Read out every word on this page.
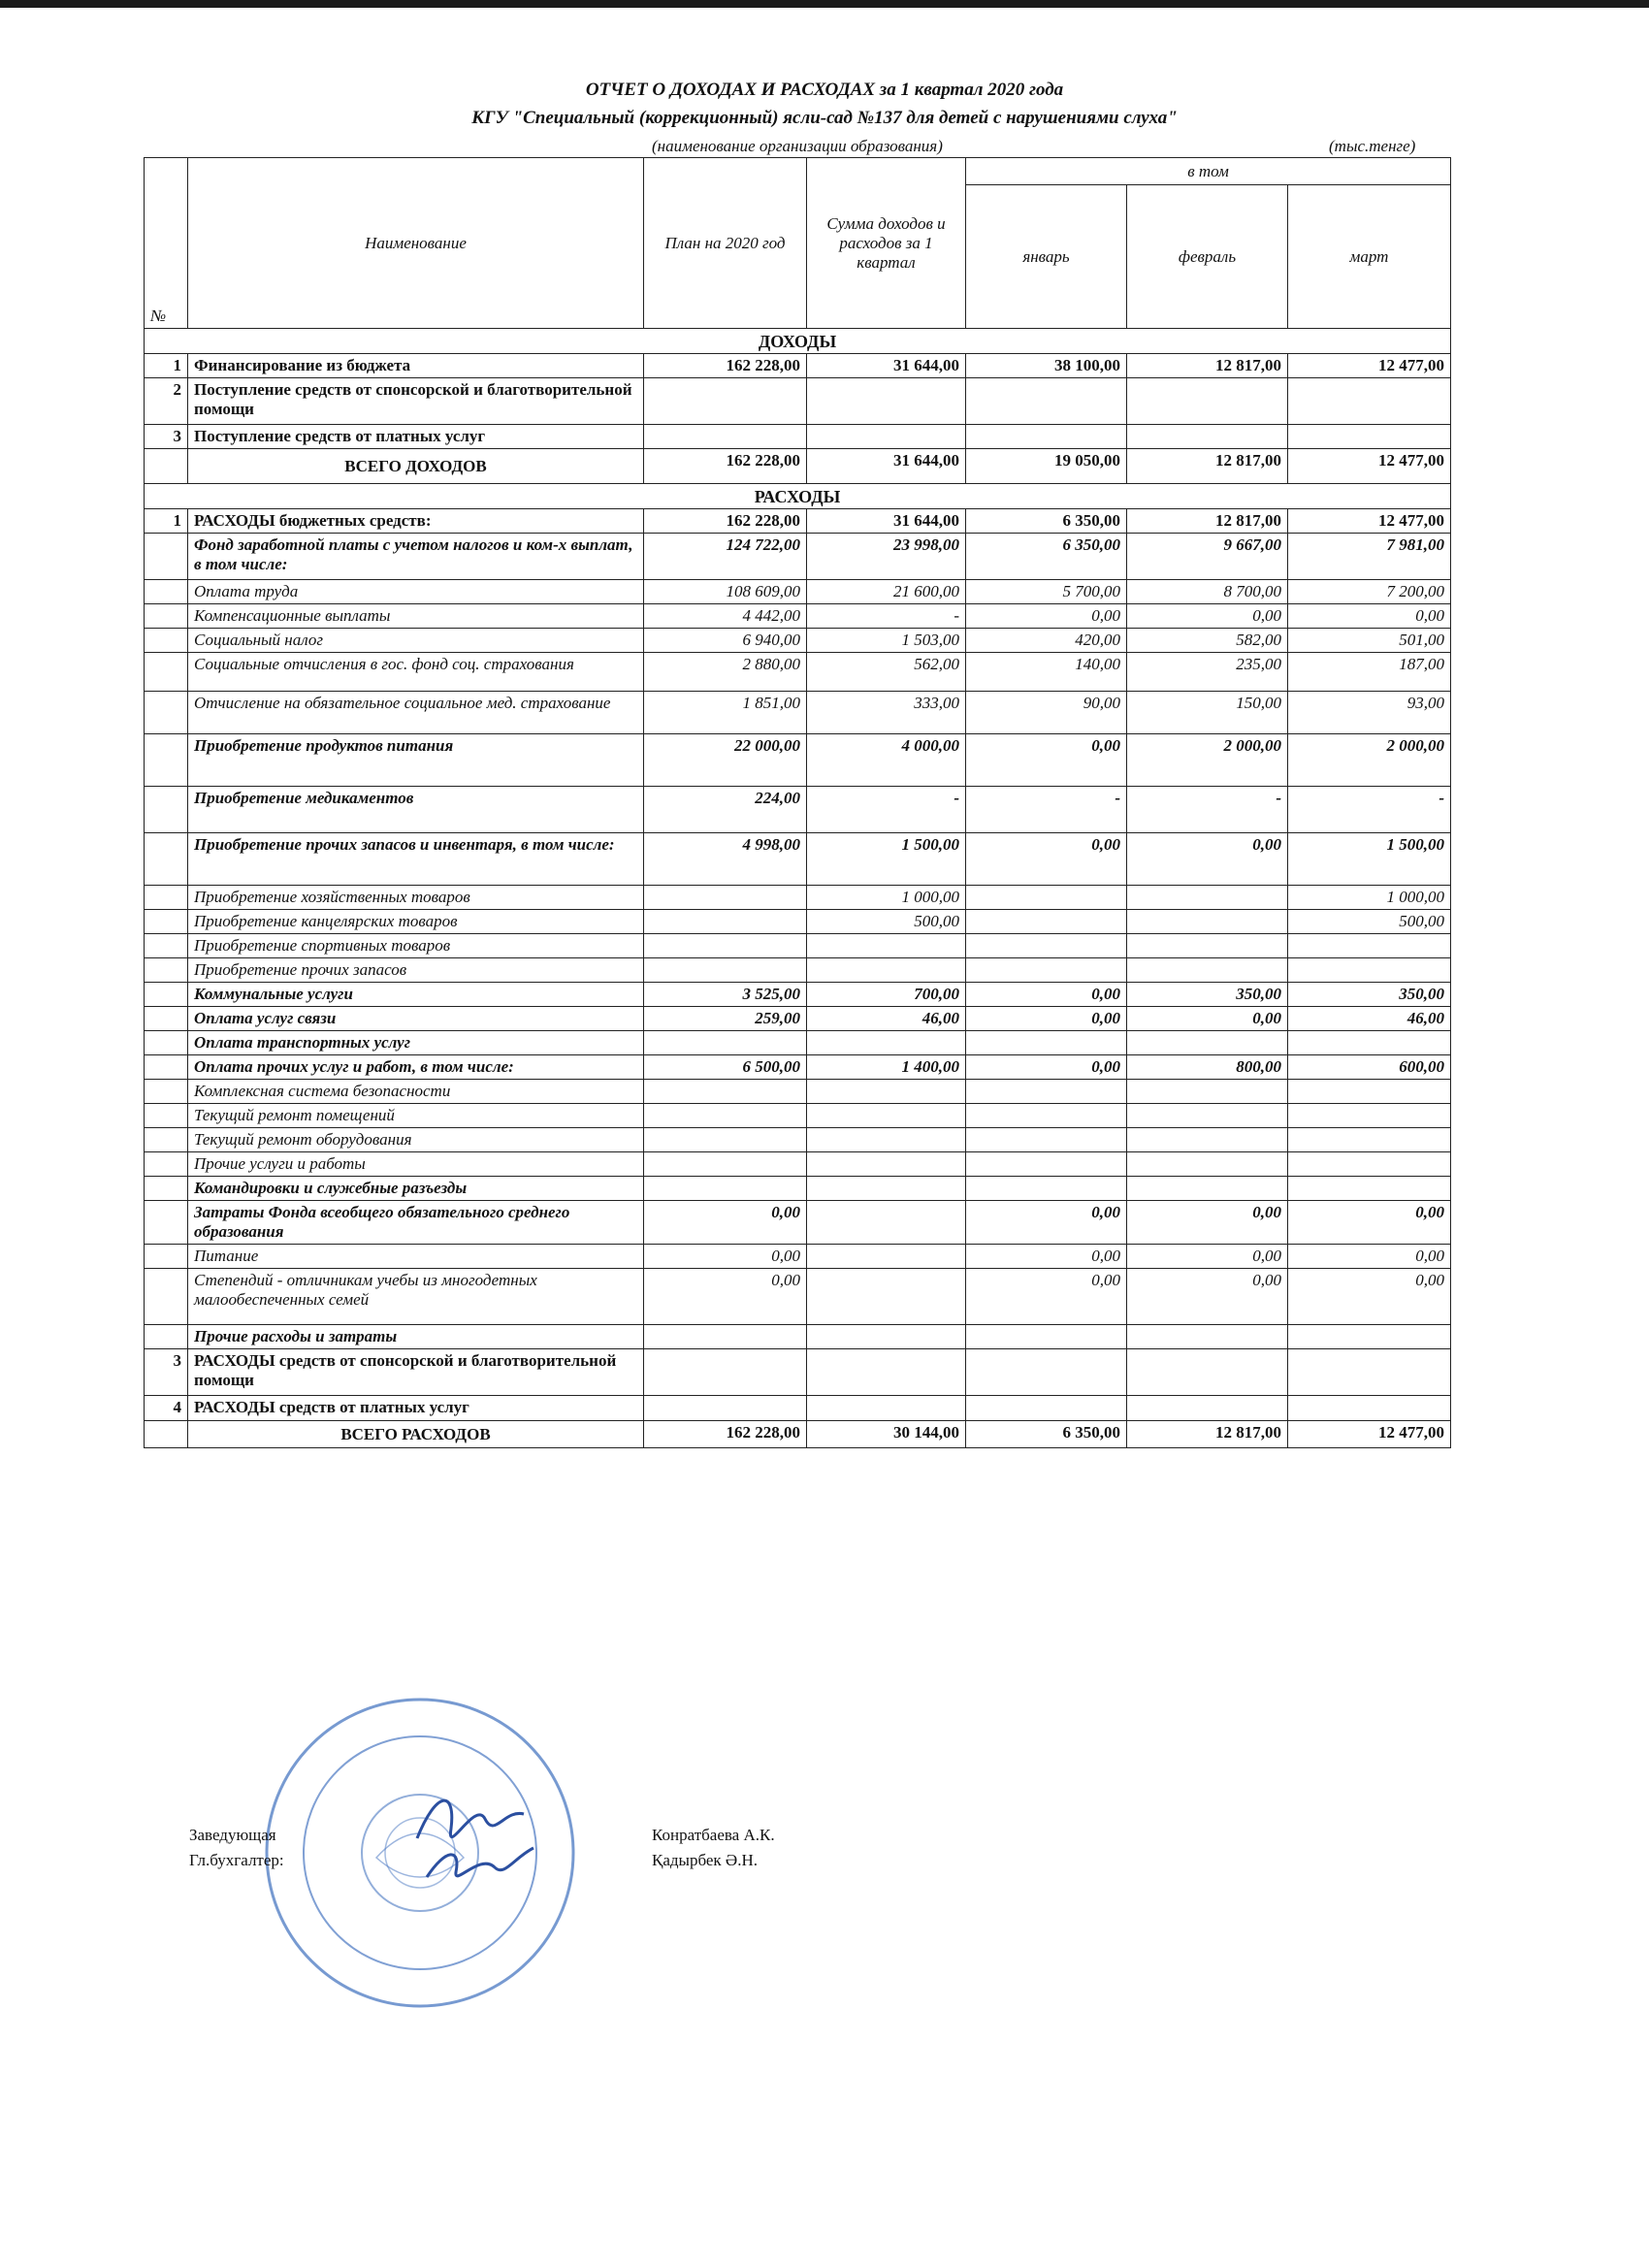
ОТЧЕТ О ДОХОДАХ И РАСХОДАХ за 1 квартал 2020 года
КГУ "Специальный (коррекционный) ясли-сад №137 для детей с нарушениями слуха"
(наименование организации образования)	(тыс.тенге)
№	Наименование	План на 2020 год	Сумма доходов и расходов за 1 квартал	в том		
				январь	февраль	март
ДОХОДЫ						
1	Финансирование из бюджета	162 228,00	31 644,00	38 100,00	12 817,00	12 477,00
2	Поступление средств от спонсорской и благотворительной помощи					
3	Поступление средств от платных услуг					
	ВСЕГО ДОХОДОВ	162 228,00	31 644,00	19 050,00	12 817,00	12 477,00
РАСХОДЫ						
1	РАСХОДЫ бюджетных средств:	162 228,00	31 644,00	6 350,00	12 817,00	12 477,00
	Фонд заработной платы с учетом налогов и ком-х выплат, в том числе:	124 722,00	23 998,00	6 350,00	9 667,00	7 981,00
	Оплата труда	108 609,00	21 600,00	5 700,00	8 700,00	7 200,00
	Компенсационные выплаты	4 442,00	-	0,00	0,00	0,00
	Социальный налог	6 940,00	1 503,00	420,00	582,00	501,00
	Социальные отчисления в гос. фонд соц. страхования	2 880,00	562,00	140,00	235,00	187,00
	Отчисление на обязательное социальное мед. страхование	1 851,00	333,00	90,00	150,00	93,00
	Приобретение продуктов питания	22 000,00	4 000,00	0,00	2 000,00	2 000,00
	Приобретение медикаментов	224,00	-	-	-	-
	Приобретение прочих запасов и инвентаря, в том числе:	4 998,00	1 500,00	0,00	0,00	1 500,00
	Приобретение хозяйственных товаров		1 000,00			1 000,00
	Приобретение канцелярских товаров		500,00			500,00
	Приобретение спортивных товаров					
	Приобретение прочих запасов					
	Коммунальные услуги	3 525,00	700,00	0,00	350,00	350,00
	Оплата услуг связи	259,00	46,00	0,00	0,00	46,00
	Оплата транспортных услуг					
	Оплата прочих услуг и работ, в том числе:	6 500,00	1 400,00	0,00	800,00	600,00
	Комплексная система безопасности					
	Текущий ремонт помещений					
	Текущий ремонт оборудования					
	Прочие услуги и работы					
	Командировки и служебные разъезды					
	Затраты Фонда всеобщего обязательного среднего образования	0,00		0,00	0,00	0,00
	Питание	0,00		0,00	0,00	0,00
	Степендий - отличникам учебы из многодетных малообеспеченных семей	0,00		0,00	0,00	0,00
	Прочие расходы и затраты					
3	РАСХОДЫ средств от спонсорской и благотворительной помощи					
4	РАСХОДЫ средств от платных услуг					
	ВСЕГО РАСХОДОВ	162 228,00	30 144,00	6 350,00	12 817,00	12 477,00
Заведующая	Конратбаева А.К.
Гл.бухгалтер:	Қадырбек Ә.Н.
